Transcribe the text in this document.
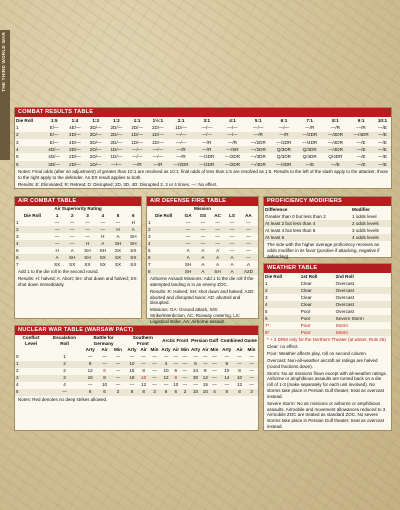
THE THIRD WORLD WAR
COMBAT RESULTS TABLE
Die Roll	1:5	1:4	1:3	1:2	1:1	1½:1	2:1	3:1	4:1	5:1	6:1	7:1	8:1	9:1	10:1
1	E/—	4E/—	3D/—	2D/—	2D/—	2D/—	1D/—	—/—	—/—	—/—	—/—	—/R	—/R	—/R	—/E
2	E/—	4D/—	3D/—	2D/—	1D/—	1D/—	—/—	—/—	—/—	—/R	—/R	—/2DR	—/2DR	—/4DR	—/E
3	E/—	4D/—	3D/—	2D/—	1D/—	1D/—	—/—	—/R	—/R	—/2DR	—/2DR	—/4DR	—/4DR	—/E	—/E
4	4D/—	3D/—	2D/—	1D/—	—/—	—/—	—/R	—/R	—/SR	—/2DR	Q/3DR	Q/3DR	—/4DR	—/E	—/E
5	4D/—	2D/—	2D/—	1D/—	—/—	—/—	—/R	—/2DR	—/2DR	—/3DR	Q/3DR	Q/4DR	Q/4DR	—/E	—/E
6	3D/—	2D/—	1D/—	—/—	—/R	—/R	—/2DR	—/2DR	—/2DR	—/4DR	—/4DR	—/E	—/E	—/E	—/E
Notes: Final odds (after an adjustment) of greater than 10:1 are resolved as 10:1; final odds of less than 1:5 are resolved as 1:5. Results to the left of the slash apply to the attacker, those to the right apply to the defender. An EX result applies to both.
Results: E: Eliminated; R: Retreat; D: Disrupted; 2D, 3D, 4D: Disrupted 2, 3 or 4 times. —: No effect.
AIR COMBAT TABLE
Air Superiority Rating
Die Roll	1	2	3	4	5	6
1	—	—	—	—	—	H
2	—	—	—	—	H	A
3	—	—	—	H	A	SH
4	—	—	H	A	SH	SH
5	H	A	SH	SH	SX	SX
6	A	SH	SH	SX	SX	SX
7	SX	SX	SX	SX	SX	SX
Add 1 to the die roll in the second round.
Results: H: halved; A: Abort; SH: shot down and halved; SX: shot down immediately.
AIR DEFENSE FIRE TABLE
Mission
Die Roll	GA	SS	AC	LS	AA
1	—	—	—	—	—
2	—	—	—	—	—
3	—	—	—	—	—
4	—	—	—	—	—
5	A	A	A	—	—
6	A	A	A	A	—
7	SH	A	A	A	A
8	SH	A	SH	A	A2D
Airborne Assault Missions: Add 1 to the die roll if the attempted landing is in an enemy ZOC.
Results: R: Halved; SH: shot down and halved; A2D: aborted and disrupted twice; AD: aborted and disrupted.
Missions: GA: Ground attack, S/S: Strike/Interdiction, AC: Runway cratering, LS: Logistical strike, AA: Airborne assault.
PROFICIENCY MODIFIERS
Difference	Modifier
Greater than 0 but less than 2	1 odds level
At least 2 but less than 4	2 odds levels
At least 4 but less than 6	3 odds levels
At least 6	4 odds levels
The side with the higher average proficiency receives an odds modifier in its favor (positive if attacking, negative if defending).
WEATHER TABLE
Die Roll	1st Roll	2nd Roll
1	Clear	Overcast
2	Clear	Overcast
3	Clear	Overcast
4	Clear	Overcast
5	Poor	Overcast
6	Poor	Severe Storm
7*	Poor	Storm
8*	Poor	Storm
* + 2 DRM only for the Northern Theater (at winter, Rule 26)
Clear: no effect.
Poor: Weather affects play, roll on second column.
Overcast: Non-all-weather aircraft air ratings are halved (round fractions down).
Storm: No air missions flown except with all-weather ratings. Airborne or amphibious assaults are turned back on a die roll of 1-3 (make separately for each unit involved). No storms take place in Persian Gulf theater; treat as overcast instead.
Severe Storm: No air missions or airborne or amphibious assaults. Airmobile and movement allowances reduced to 3. Airmobile ZOC are treated as standard ZOC. No severe storms take place in Persian Gulf theater; treat as overcast instead.
NUCLEAR WAR TABLE (WARSAW PACT)
Conflict Level	Escalation Roll	Battle for Germany			Southern Front			Arctic Front			Persian Gulf			Combined Game		
		Arty	Air	Min	Arty	Air	Min	Arty	Air	Min	Arty	Air	Min	Arty	Air	Min
0	1	—	—	—	—	—	—	—	—	—	—	—	—	—	—	—
1	2	8	—	—	10	—	—	4	—	—	6	—	—	8	—	—
2	2	12	6	—	15	8	—	10	6	—	24	8	—	10	8	—
3	3	15	8	—	18	10	—	12	8	—	30	12	—	14	10	—
4	4	—	10	—	—	12	—	—	10	—	—	15	—	—	12	—
5	—	6	6	2	8	8	3	6	6	2	10	10	4	8	8	3
Notes: Red denotes no deep strikes allowed.
